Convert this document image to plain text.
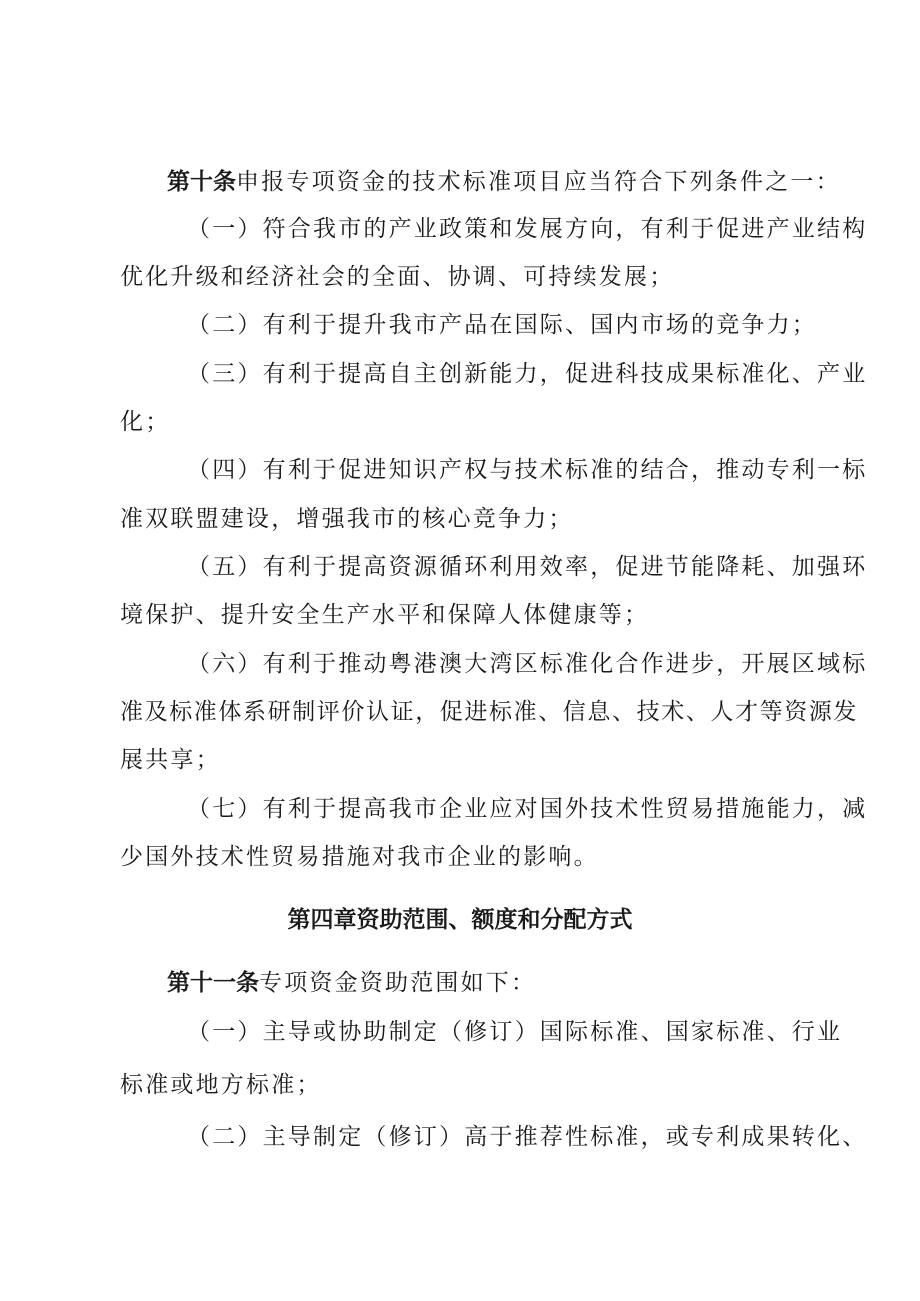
第十条申报专项资金的技术标准项目应当符合下列条件之一：
（一）符合我市的产业政策和发展方向，有利于促进产业结构
优化升级和经济社会的全面、协调、可持续发展；
（二）有利于提升我市产品在国际、国内市场的竞争力；
（三）有利于提高自主创新能力，促进科技成果标准化、产业
化；
（四）有利于促进知识产权与技术标准的结合，推动专利一标
准双联盟建设，增强我市的核心竞争力；
（五）有利于提高资源循环利用效率，促进节能降耗、加强环
境保护、提升安全生产水平和保障人体健康等；
（六）有利于推动粤港澳大湾区标准化合作进步，开展区域标
准及标准体系研制评价认证，促进标准、信息、技术、人才等资源发
展共享；
（七）有利于提高我市企业应对国外技术性贸易措施能力，减
少国外技术性贸易措施对我市企业的影响。
第四章资助范围、额度和分配方式
第十一条专项资金资助范围如下：
（一）主导或协助制定（修订）国际标准、国家标准、行业
标准或地方标准；
（二）主导制定（修订）高于推荐性标准，或专利成果转化、
